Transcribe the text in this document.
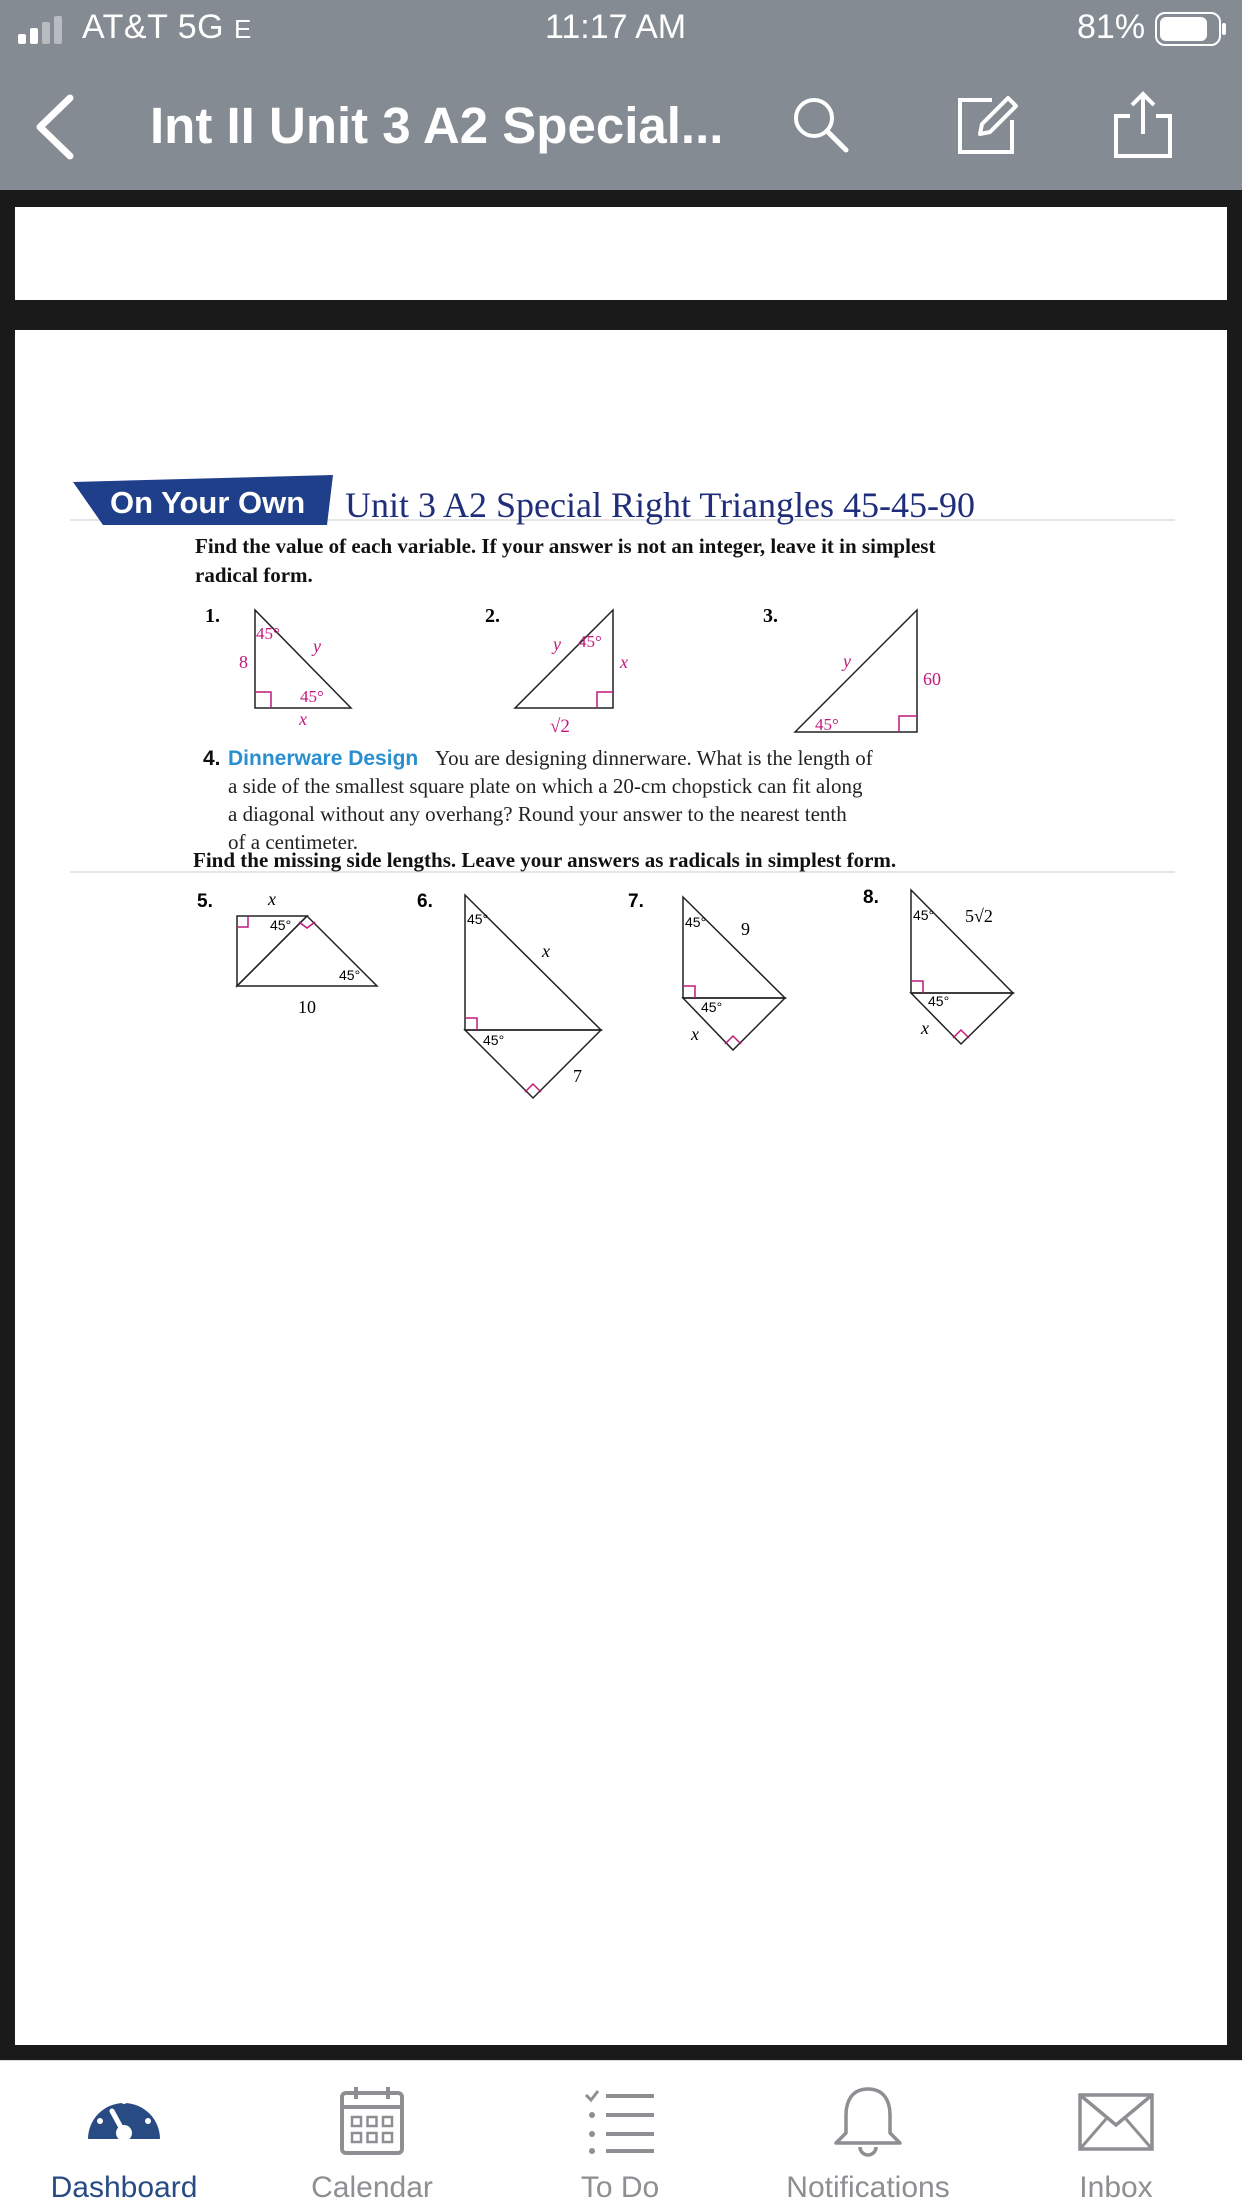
AT&T 5G E	11:17 AM	81%
Int II Unit 3 A2 Special...
On Your Own Unit 3 A2 Special Right Triangles 45-45-90
Find the value of each variable. If your answer is not an integer, leave it in simplest
radical form.
1.
45°
y
8
45°
x
2.
y 45°
x
√2
3.
y
60
45°
4. Dinnerware Design You are designing dinnerware. What is the length of
a side of the smallest square plate on which a 20-cm chopstick can fit along
a diagonal without any overhang? Round your answer to the nearest tenth
of a centimeter.
Find the missing side lengths. Leave your answers as radicals in simplest form.
5.	x
45°
45°
10
6.
45°
x
45°
7
7.
45° 9
45°
x
8.
45° 5√2
45°
x
Dashboard	Calendar	To Do	Notifications	Inbox
